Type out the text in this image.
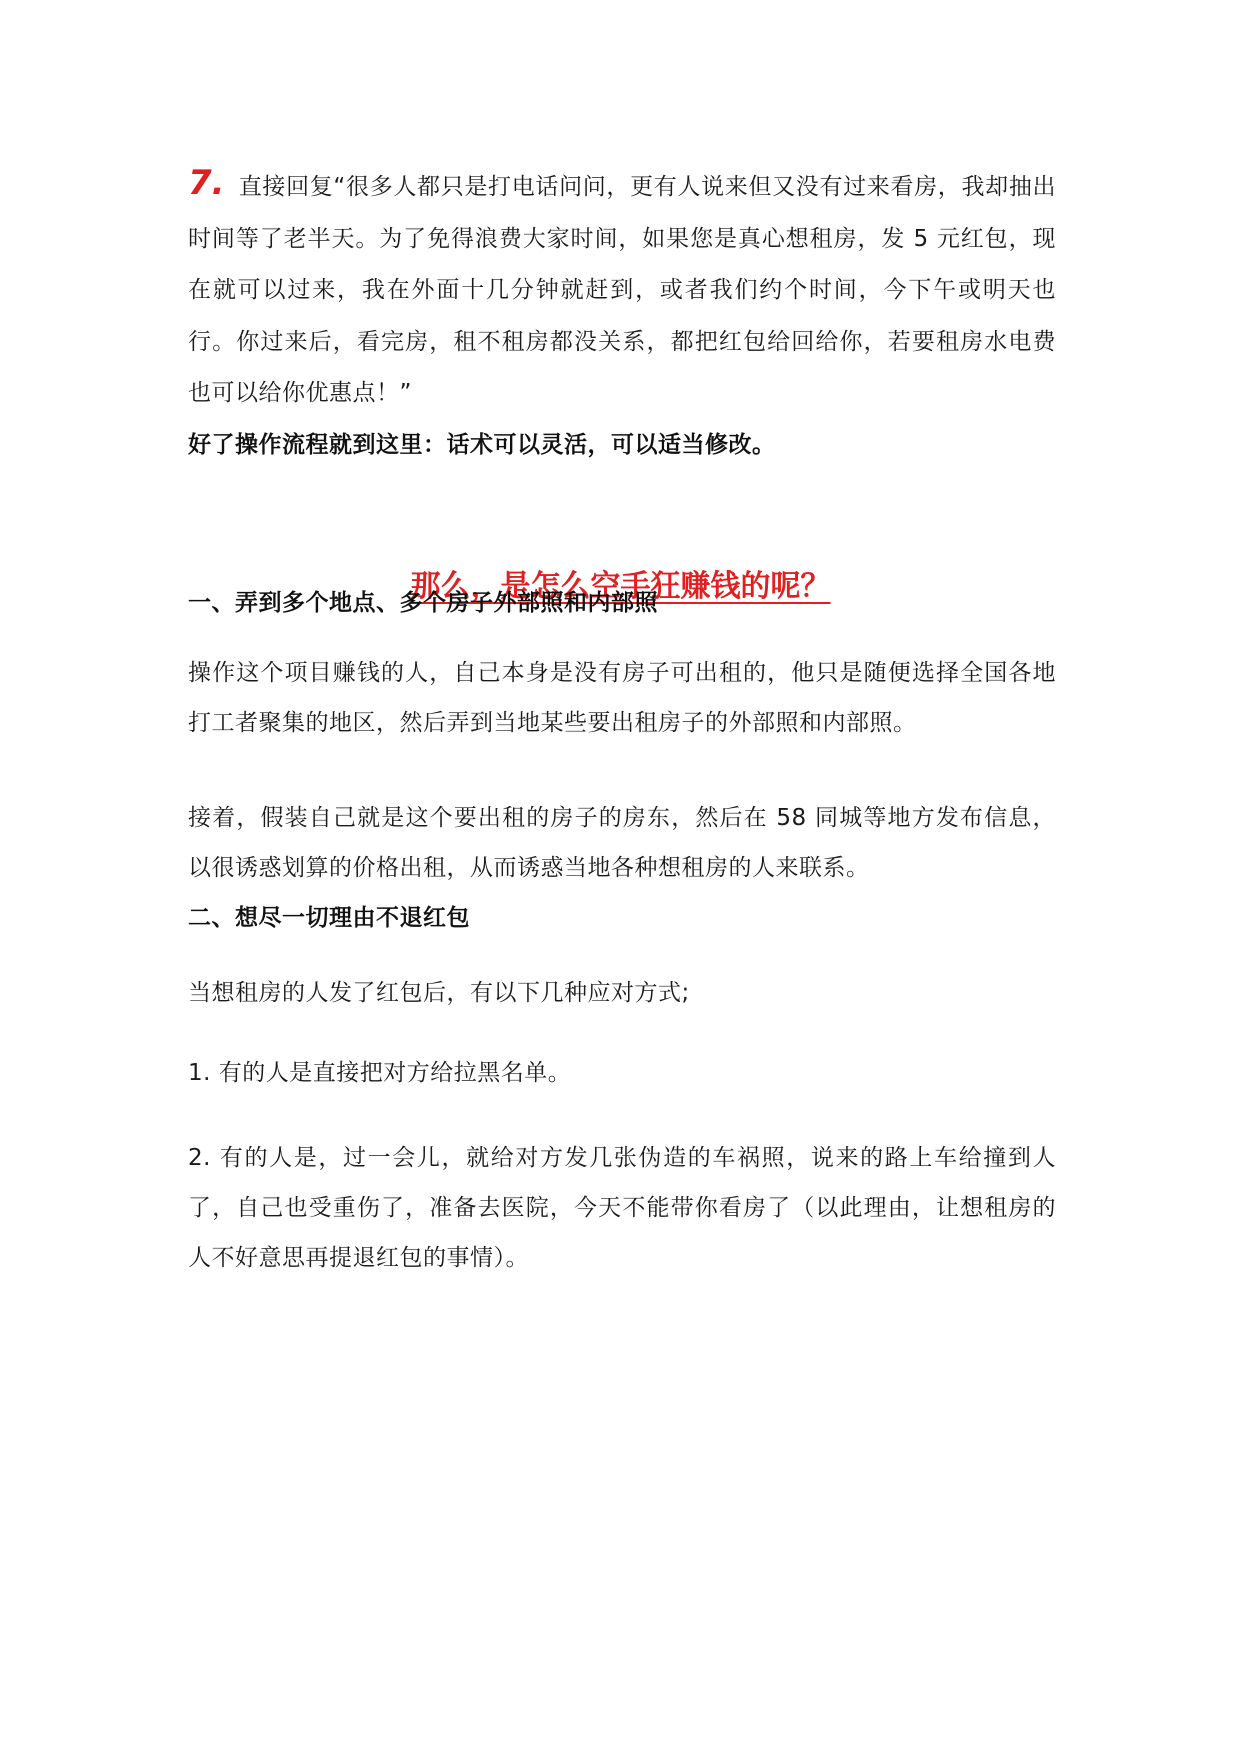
7. 直接回复“很多人都只是打电话问问，更有人说来但又没有过来看房，我却抽出时间等了老半天。为了免得浪费大家时间，如果您是真心想租房，发 5 元红包，现在就可以过来，我在外面十几分钟就赶到，或者我们约个时间，今下午或明天也行。你过来后，看完房，租不租房都没关系，都把红包给回给你，若要租房水电费也可以给你优惠点！”
好了操作流程就到这里：话术可以灵活，可以适当修改。
那么，是怎么空手狂赚钱的呢？
一、弄到多个地点、多个房子外部照和内部照
操作这个项目赚钱的人，自己本身是没有房子可出租的，他只是随便选择全国各地打工者聚集的地区，然后弄到当地某些要出租房子的外部照和内部照。
接着，假装自己就是这个要出租的房子的房东，然后在 58 同城等地方发布信息，以很诱惑划算的价格出租，从而诱惑当地各种想租房的人来联系。
二、想尽一切理由不退红包
当想租房的人发了红包后，有以下几种应对方式;
1. 有的人是直接把对方给拉黑名单。
2. 有的人是，过一会儿，就给对方发几张伪造的车祸照，说来的路上车给撞到人了，自己也受重伤了，准备去医院，今天不能带你看房了（以此理由，让想租房的人不好意思再提退红包的事情）。
